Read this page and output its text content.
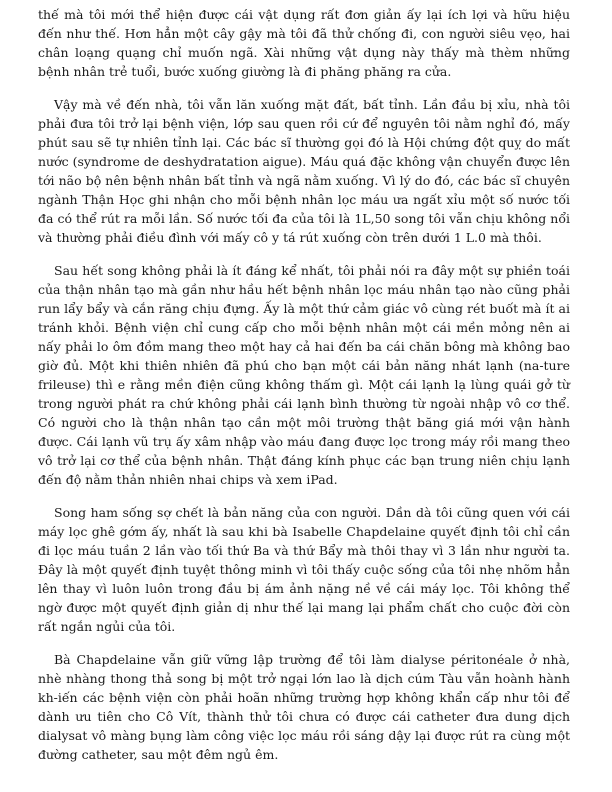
thế mà tôi mới thể hiện được cái vật dụng rất đơn giản ấy lại ích lợi và hữu hiệu đến như thế. Hơn hẳn một cây gậy mà tôi đã thử chống đi, con người siêu vẹo, hai chân loạng quạng chỉ muốn ngã. Xài những vật dụng này thấy mà thèm những bệnh nhân trẻ tuổi, bước xuống giường là đi phăng phăng ra cửa.

Vậy mà về đến nhà, tôi vẫn lăn xuống mặt đất, bất tỉnh. Lần đầu bị xỉu, nhà tôi phải đưa tôi trở lại bệnh viện, lớp sau quen rồi cứ để nguyên tôi nằm nghỉ đó, mấy phút sau sẽ tự nhiên tỉnh lại. Các bác sĩ thường gọi đó là Hội chứng đột quỵ do mất nước (syndrome de deshydratation aigue). Máu quá đặc không vận chuyển được lên tới não bộ nên bệnh nhân bất tỉnh và ngã nằm xuống. Vì lý do đó, các bác sĩ chuyên ngành Thận Học ghi nhận cho mỗi bệnh nhân lọc máu ưa ngất xỉu một số nước tối đa có thể rút ra mỗi lần. Số nước tối đa của tôi là 1L,50 song tôi vẫn chịu không nổi và thường phải điều đình với mấy cô y tá rút xuống còn trên dưới 1 L.0 mà thôi.

Sau hết song không phải là ít đáng kể nhất, tôi phải nói ra đây một sự phiền toái của thận nhân tạo mà gần như hầu hết bệnh nhân lọc máu nhân tạo nào cũng phải run lẩy bẩy và cắn răng chịu đựng. Ấy là một thứ cảm giác vô cùng rét buốt mà ít ai tránh khỏi. Bệnh viện chỉ cung cấp cho mỗi bệnh nhân một cái mền mỏng nên ai nấy phải lo ôm đồm mang theo một hay cả hai đến ba cái chăn bông mà không bao giờ đủ. Một khi thiên nhiên đã phú cho bạn một cái bản năng nhát lạnh (na-ture frileuse) thì e rằng mền điện cũng không thấm gì. Một cái lạnh lạ lùng quái gở từ trong người phát ra chứ không phải cái lạnh bình thường từ ngoài nhập vô cơ thể. Có người cho là thận nhân tạo cần một môi trường thật băng giá mới vận hành được. Cái lạnh vũ trụ ấy xâm nhập vào máu đang được lọc trong máy rồi mang theo vô trở lại cơ thể của bệnh nhân. Thật đáng kính phục các bạn trung niên chịu lạnh đến độ nằm thản nhiên nhai chips và xem iPad.

Song ham sống sợ chết là bản năng của con người. Dần dà tôi cũng quen với cái máy lọc ghê gớm ấy, nhất là sau khi bà Isabelle Chapdelaine quyết định tôi chỉ cần đi lọc máu tuần 2 lần vào tối thứ Ba và thứ Bẩy mà thôi thay vì 3 lần như người ta. Đây là một quyết định tuyệt thông minh vì tôi thấy cuộc sống của tôi nhẹ nhõm hẳn lên thay vì luôn luôn trong đầu bị ám ảnh nặng nề về cái máy lọc. Tôi không thể ngờ được một quyết định giản dị như thế lại mang lại phẩm chất cho cuộc đời còn rất ngắn ngủi của tôi.

Bà Chapdelaine vẫn giữ vững lập trường để tôi làm dialyse péritonéale ở nhà, nhè nhàng thong thả song bị một trở ngại lớn lao là dịch cúm Tàu vẫn hoành hành kh-iến các bệnh viện còn phải hoãn những trường hợp không khẩn cấp như tôi để dành ưu tiên cho Cô Vít, thành thử tôi chưa có được cái catheter đưa dung dịch dialysat vô màng bụng làm công việc lọc máu rồi sáng dậy lại được rút ra cùng một đường catheter, sau một đêm ngủ êm.
